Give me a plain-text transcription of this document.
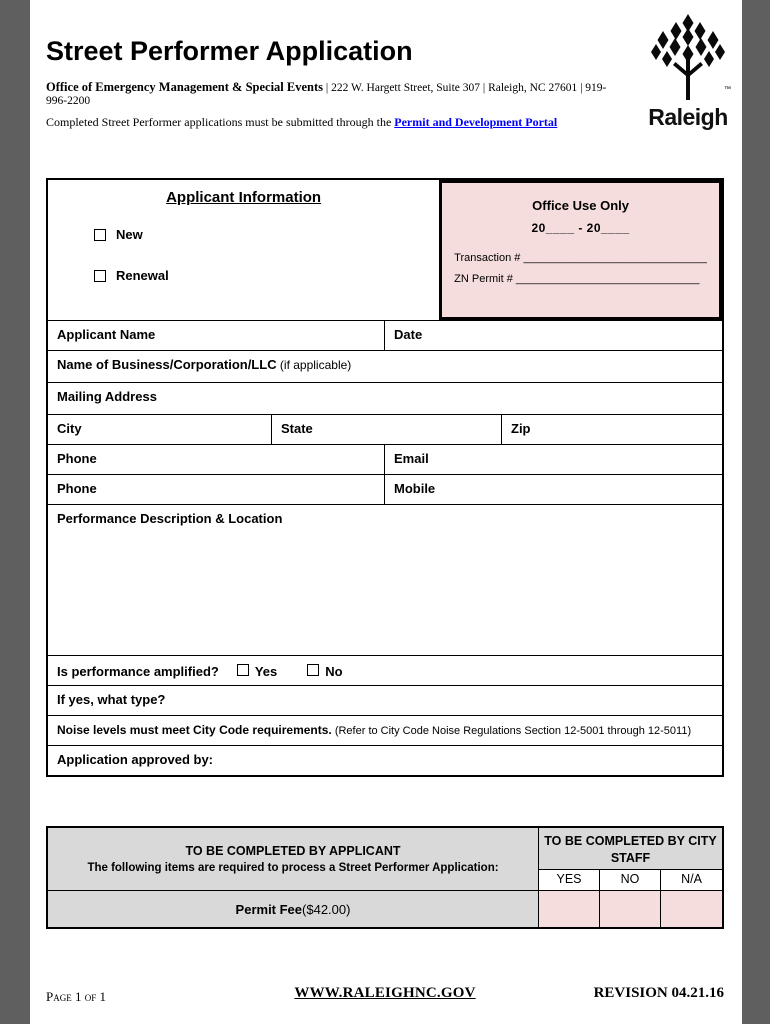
Street Performer Application

Office of Emergency Management & Special Events | 222 W. Hargett Street, Suite 307 | Raleigh, NC 27601 | 919-996-2200

Completed Street Performer applications must be submitted through the Permit and Development Portal

™
Raleigh
Applicant Information
New
Renewal
Office Use Only
20____ - 20____
Transaction # ______________________________
ZN Permit # ______________________________
Applicant Name	Date
Name of Business/Corporation/LLC (if applicable)
Mailing Address
City	State	Zip
Phone	Email
Phone	Mobile
Performance Description & Location
Is performance amplified?	Yes	No
If yes, what type?
Noise levels must meet City Code requirements. (Refer to City Code Noise Regulations Section 12-5001 through 12-5011)
Application approved by:
TO BE COMPLETED BY APPLICANT
The following items are required to process a Street Performer Application:
TO BE COMPLETED BY CITY STAFF
YES	NO	N/A
Permit Fee ($42.00)
Page 1 of 1	WWW.RALEIGHNC.GOV	REVISION 04.21.16
